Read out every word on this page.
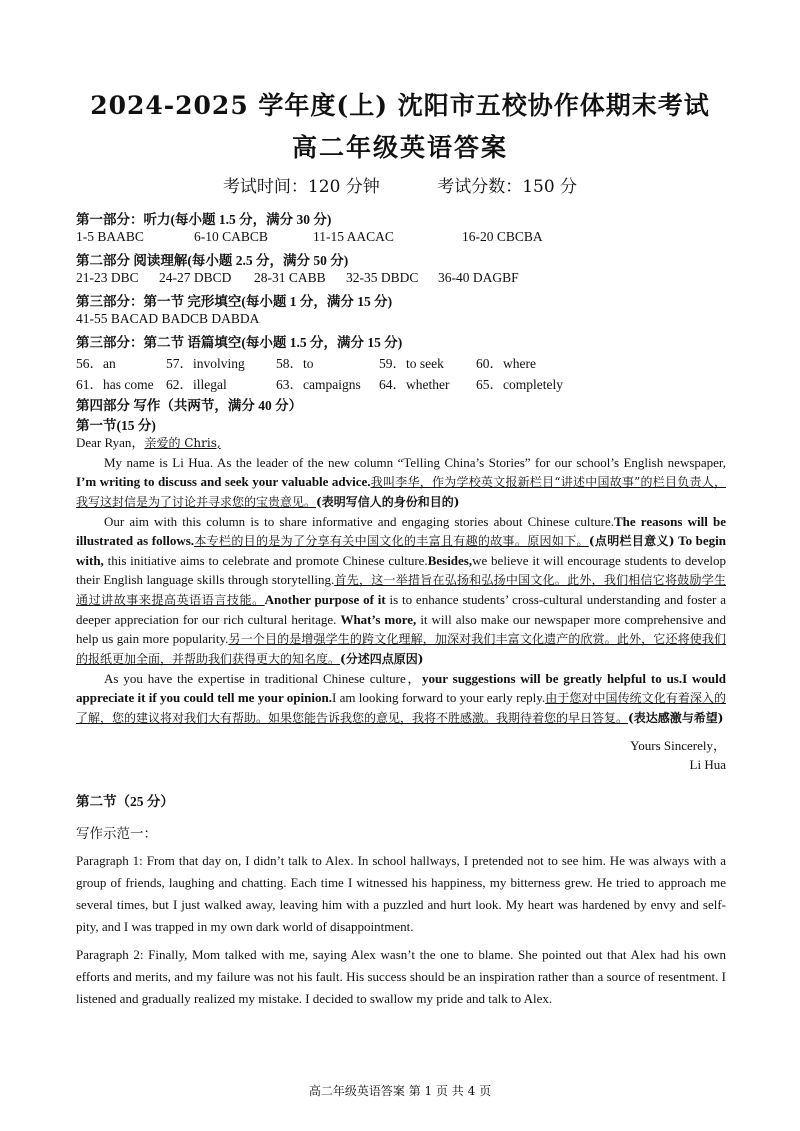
2024-2025 学年度(上) 沈阳市五校协作体期末考试
高二年级英语答案
考试时间：120 分钟	考试分数：150 分
第一部分：听力(每小题 1.5 分，满分 30 分)
1-5 BAABC	6-10 CABCB	11-15 AACAC	16-20 CBCBA
第二部分 阅读理解(每小题 2.5 分，满分 50 分)
21-23 DBC 24-27 DBCD 28-31 CABB 32-35 DBDC 36-40 DAGBF
第三部分：第一节 完形填空(每小题 1 分，满分 15 分)
41-55 BACAD BADCB DABDA
第三部分：第二节 语篇填空(每小题 1.5 分，满分 15 分)
56．an	57．involving 58．to	59．to seek 60．where
61．has come 62．illegal	63．campaigns 64．whether 65．completely
第四部分 写作（共两节，满分 40 分）
第一节(15 分)
Dear Ryan，亲爱的 Chris,

My name is Li Hua. As the leader of the new column “Telling China’s Stories” for our school’s English newspaper, I’m writing to discuss and seek your valuable advice.我叫李华，作为学校英文报新栏目“讲述中国故事”的栏目负责人，我写这封信是为了讨论并寻求您的宝贵意见。(表明写信人的身份和目的)

Our aim with this column is to share informative and engaging stories about Chinese culture.The reasons will be illustrated as follows.本专栏的目的是为了分享有关中国文化的丰富且有趣的故事。原因如下。(点明栏目意义) To begin with, this initiative aims to celebrate and promote Chinese culture.Besides,we believe it will encourage students to develop their English language skills through storytelling.首先，这一举措旨在弘扬和弘扬中国文化。此外，我们相信它将鼓励学生通过讲故事来提高英语语言技能。Another purpose of it is to enhance students’ cross-cultural understanding and foster a deeper appreciation for our rich cultural heritage. What’s more, it will also make our newspaper more comprehensive and help us gain more popularity.另一个目的是增强学生的跨文化理解，加深对我们丰富文化遗产的欣赏。此外，它还将使我们的报纸更加全面，并帮助我们获得更大的知名度。(分述四点原因)

As you have the expertise in traditional Chinese culture，your suggestions will be greatly helpful to us.I would appreciate it if you could tell me your opinion.I am looking forward to your early reply.由于您对中国传统文化有着深入的了解，您的建议将对我们大有帮助。如果您能告诉我您的意见，我将不胜感激。我期待着您的早日答复。(表达感激与希望)

Yours Sincerely，
Li Hua
第二节（25 分）
写作示范一：

Paragraph 1: From that day on, I didn’t talk to Alex. In school hallways, I pretended not to see him. He was always with a group of friends, laughing and chatting. Each time I witnessed his happiness, my bitterness grew. He tried to approach me several times, but I just walked away, leaving him with a puzzled and hurt look. My heart was hardened by envy and self-pity, and I was trapped in my own dark world of disappointment.

Paragraph 2: Finally, Mom talked with me, saying Alex wasn’t the one to blame. She pointed out that Alex had his own efforts and merits, and my failure was not his fault. His success should be an inspiration rather than a source of resentment. I listened and gradually realized my mistake. I decided to swallow my pride and talk to Alex.

高二年级英语答案 第 1 页 共 4 页
